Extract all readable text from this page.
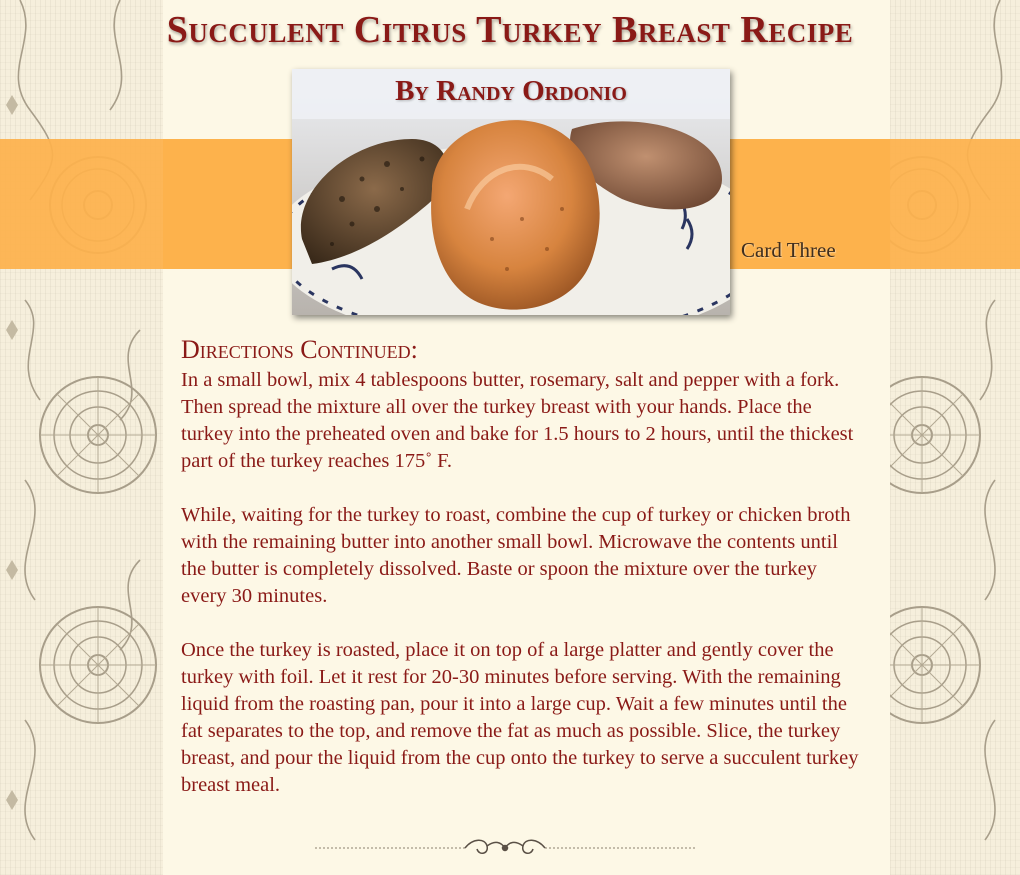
Succulent Citrus Turkey Breast Recipe
By Randy Ordonio
Card Three
Directions Continued:

In a small bowl, mix 4 tablespoons butter, rosemary, salt and pepper with a fork. Then spread the mixture all over the turkey breast with your hands. Place the turkey into the preheated oven and bake for 1.5 hours to 2 hours, until the thickest part of the turkey reaches 175˚ F.

While, waiting for the turkey to roast, combine the cup of turkey or chicken broth with the remaining butter into another small bowl. Microwave the contents until the butter is completely dissolved. Baste or spoon the mixture over the turkey every 30 minutes.

Once the turkey is roasted, place it on top of a large platter and gently cover the turkey with foil. Let it rest for 20-30 minutes before serving. With the remaining liquid from the roasting pan, pour it into a large cup. Wait a few minutes until the fat separates to the top, and remove the fat as much as possible. Slice, the turkey breast, and pour the liquid from the cup onto the turkey to serve a succulent turkey breast meal.
